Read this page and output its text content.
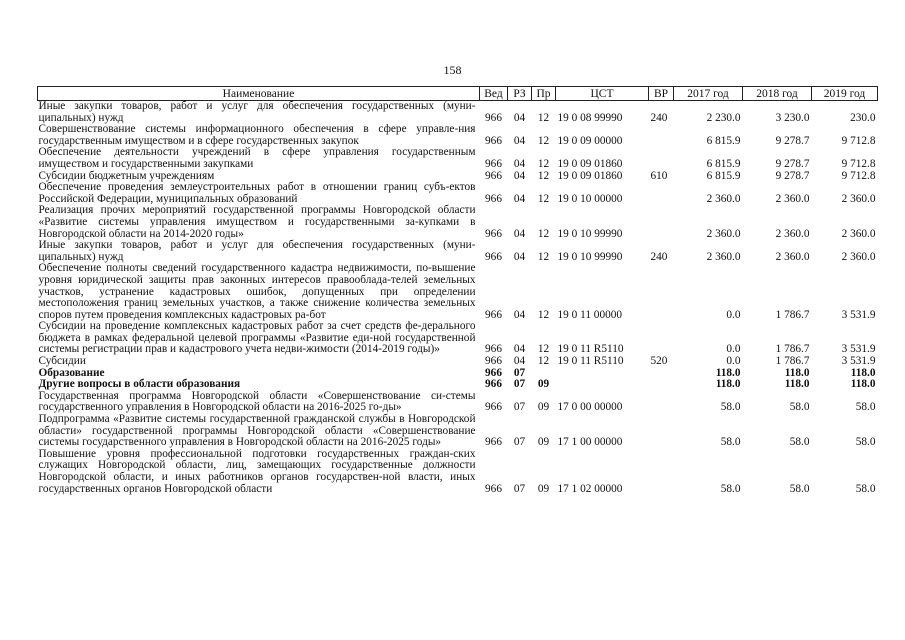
158
Наименование	Вед	РЗ	Пр	ЦСТ	ВР	2017 год	2018 год	2019 год
Иные закупки товаров, работ и услуг для обеспечения государственных (муни-ципальных) нужд	966	04	12	19 0 08 99990	240	2 230.0	3 230.0	230.0
Совершенствование системы информационного обеспечения в сфере управле-ния государственным имуществом и в сфере государственных закупок	966	04	12	19 0 09 00000		6 815.9	9 278.7	9 712.8
Обеспечение деятельности учреждений в сфере управления государственным имуществом и государственными закупками	966	04	12	19 0 09 01860		6 815.9	9 278.7	9 712.8
Субсидии бюджетным учреждениям	966	04	12	19 0 09 01860	610	6 815.9	9 278.7	9 712.8
Обеспечение проведения землеустроительных работ в отношении границ субъ-ектов Российской Федерации, муниципальных образований	966	04	12	19 0 10 00000		2 360.0	2 360.0	2 360.0
Реализация прочих мероприятий государственной программы Новгородской области «Развитие системы управления имуществом и государственными за-купками в Новгородской области на 2014-2020 годы»	966	04	12	19 0 10 99990		2 360.0	2 360.0	2 360.0
Иные закупки товаров, работ и услуг для обеспечения государственных (муни-ципальных) нужд	966	04	12	19 0 10 99990	240	2 360.0	2 360.0	2 360.0
Обеспечение полноты сведений государственного кадастра недвижимости, по-вышение уровня юридической защиты прав законных интересов правооблада-телей земельных участков, устранение кадастровых ошибок, допущенных при определении местоположения границ земельных участков, а также снижение количества земельных споров путем проведения комплексных кадастровых ра-бот	966	04	12	19 0 11 00000		0.0	1 786.7	3 531.9
Субсидии на проведение комплексных кадастровых работ за счет средств фе-дерального бюджета в рамках федеральной целевой программы «Развитие еди-ной государственной системы регистрации прав и кадастрового учета недви-жимости (2014-2019 годы)»	966	04	12	19 0 11 R5110		0.0	1 786.7	3 531.9
Субсидии	966	04	12	19 0 11 R5110	520	0.0	1 786.7	3 531.9
Образование	966	07				118.0	118.0	118.0
Другие вопросы в области образования	966	07	09			118.0	118.0	118.0
Государственная программа Новгородской области «Совершенствование си-стемы государственного управления в Новгородской области на 2016-2025 го-ды»	966	07	09	17 0 00 00000		58.0	58.0	58.0
Подпрограмма «Развитие системы государственной гражданской службы в Новгородской области» государственной программы Новгородской области «Совершенствование системы государственного управления в Новгородской области на 2016-2025 годы»	966	07	09	17 1 00 00000		58.0	58.0	58.0
Повышение уровня профессиональной подготовки государственных граждан-ских служащих Новгородской области, лиц, замещающих государственные должности Новгородской области, и иных работников органов государствен-ной власти, иных государственных органов Новгородской области	966	07	09	17 1 02 00000		58.0	58.0	58.0
